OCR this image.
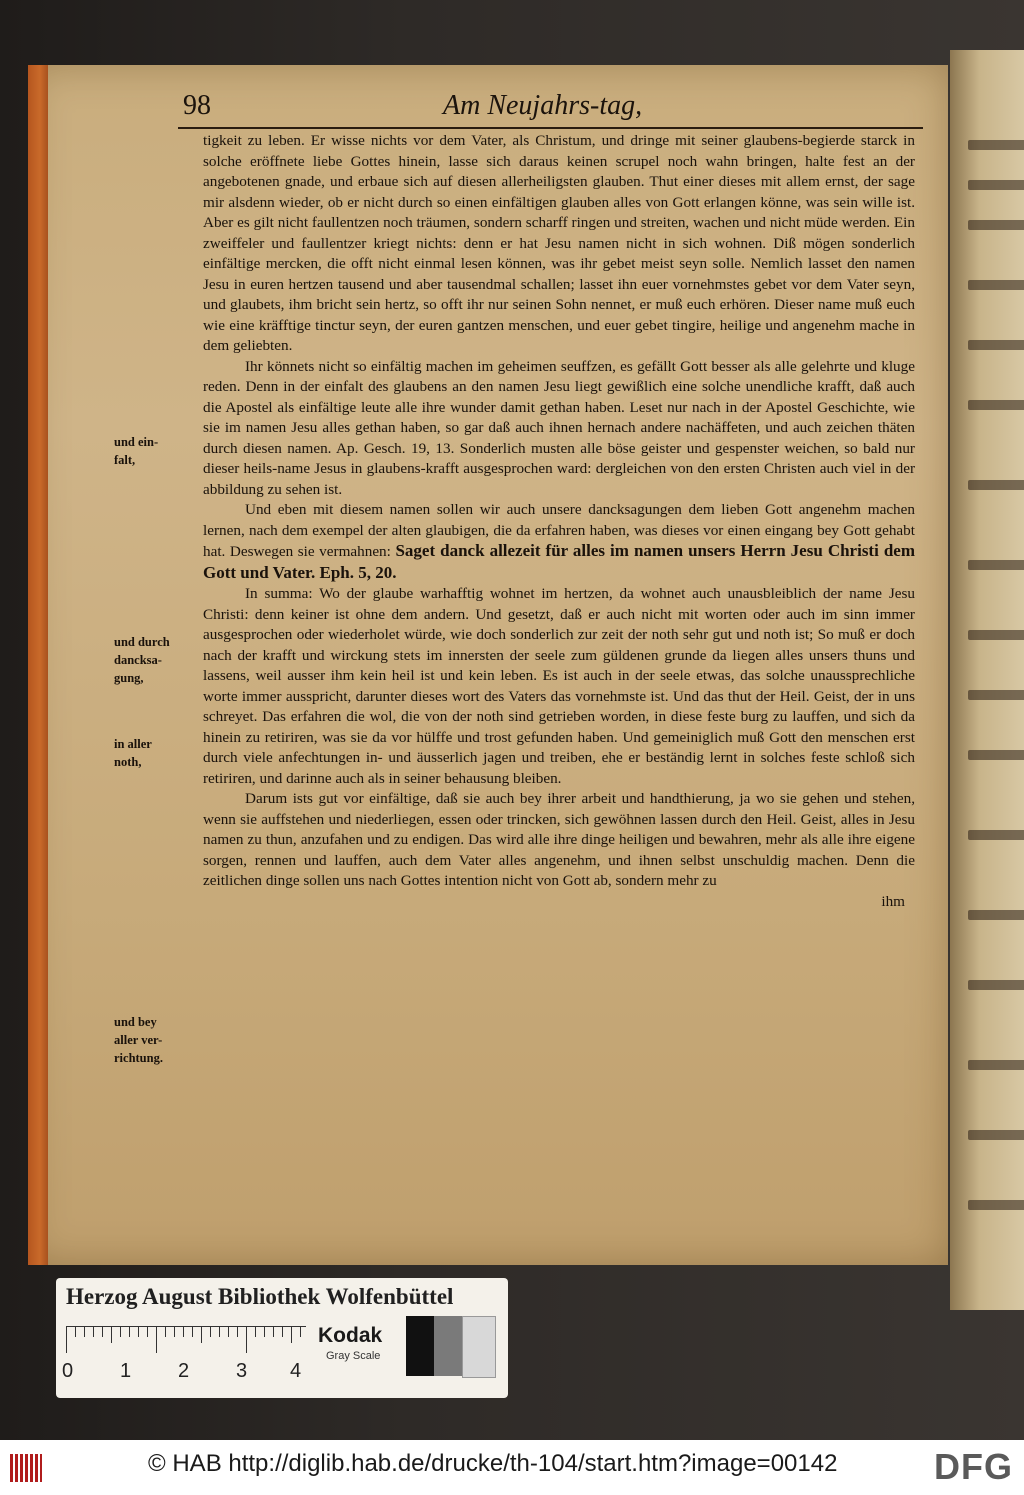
98	Am Neujahrs-tag,

tigkeit zu leben. Er wisse nichts vor dem Vater, als Christum, und dringe mit seiner glaubens-begierde starck in solche eröffnete liebe Gottes hinein, lasse sich daraus keinen scrupel noch wahn bringen, halte fest an der angebotenen gnade, und erbaue sich auf diesen allerheiligsten glauben. Thut einer dieses mit allem ernst, der sage mir alsdenn wieder, ob er nicht durch so einen einfältigen glauben alles von Gott erlangen könne, was sein wille ist. Aber es gilt nicht faullentzen noch träumen, sondern scharff ringen und streiten, wachen und nicht müde werden. Ein zweiffeler und faullentzer kriegt nichts: denn er hat Jesu namen nicht in sich wohnen. Diß mögen sonderlich einfältige mercken, die offt nicht einmal lesen können, was ihr gebet meist seyn solle. Nemlich lasset den namen Jesu in euren hertzen tausend und aber tausendmal schallen; lasset ihn euer vornehmstes gebet vor dem Vater seyn, und glaubets, ihm bricht sein hertz, so offt ihr nur seinen Sohn nennet, er muß euch erhören. Dieser name muß euch wie eine kräfftige tinctur seyn, der euren gantzen menschen, und euer gebet tingire, heilige und angenehm mache in dem geliebten.

Ihr könnets nicht so einfältig machen im geheimen seuffzen, es gefällt Gott besser als alle gelehrte und kluge reden. Denn in der einfalt des glaubens an den namen Jesu liegt gewißlich eine solche unendliche krafft, daß auch die Apostel als einfältige leute alle ihre wunder damit gethan haben. Leset nur nach in der Apostel Geschichte, wie sie im namen Jesu alles gethan haben, so gar daß auch ihnen hernach andere nachäffeten, und auch zeichen thäten durch diesen namen. Ap. Gesch. 19, 13. Sonderlich musten alle böse geister und gespenster weichen, so bald nur dieser heils-name Jesus in glaubens-krafft ausgesprochen ward: dergleichen von den ersten Christen auch viel in der abbildung zu sehen ist.

Und eben mit diesem namen sollen wir auch unsere dancksagungen dem lieben Gott angenehm machen lernen, nach dem exempel der alten glaubigen, die da erfahren haben, was dieses vor einen eingang bey Gott gehabt hat. Deswegen sie vermahnen: Saget danck allezeit für alles im namen unsers Herrn Jesu Christi dem Gott und Vater. Eph. 5, 20.

In summa: Wo der glaube warhafftig wohnet im hertzen, da wohnet auch unausbleiblich der name Jesu Christi: denn keiner ist ohne dem andern. Und gesetzt, daß er auch nicht mit worten oder auch im sinn immer ausgesprochen oder wiederholet würde, wie doch sonderlich zur zeit der noth sehr gut und noth ist; So muß er doch nach der krafft und wirckung stets im innersten der seele zum güldenen grunde da liegen alles unsers thuns und lassens, weil ausser ihm kein heil ist und kein leben. Es ist auch in der seele etwas, das solche unaussprechliche worte immer ausspricht, darunter dieses wort des Vaters das vornehmste ist. Und das thut der Heil. Geist, der in uns schreyet. Das erfahren die wol, die von der noth sind getrieben worden, in diese feste burg zu lauffen, und sich da hinein zu retiriren, was sie da vor hülffe und trost gefunden haben. Und gemeiniglich muß Gott den menschen erst durch viele anfechtungen in- und äusserlich jagen und treiben, ehe er beständig lernt in solches feste schloß sich retiriren, und darinne auch als in seiner behausung bleiben.

Darum ists gut vor einfältige, daß sie auch bey ihrer arbeit und handthierung, ja wo sie gehen und stehen, wenn sie auffstehen und niederliegen, essen oder trincken, sich gewöhnen lassen durch den Heil. Geist, alles in Jesu namen zu thun, anzufahen und zu endigen. Das wird alle ihre dinge heiligen und bewahren, mehr als alle ihre eigene sorgen, rennen und lauffen, auch dem Vater alles angenehm, und ihnen selbst unschuldig machen. Denn die zeitlichen dinge sollen uns nach Gottes intention nicht von Gott ab, sondern mehr zu

ihm

und ein-
falt,
und durch
dancksa-
gung,
in aller
noth,
und bey
aller ver-
richtung.
Herzog August Bibliothek Wolfenbüttel
0 1 2 3 4
Kodak
Gray Scale
© HAB http://diglib.hab.de/drucke/th-104/start.htm?image=00142	DFG
